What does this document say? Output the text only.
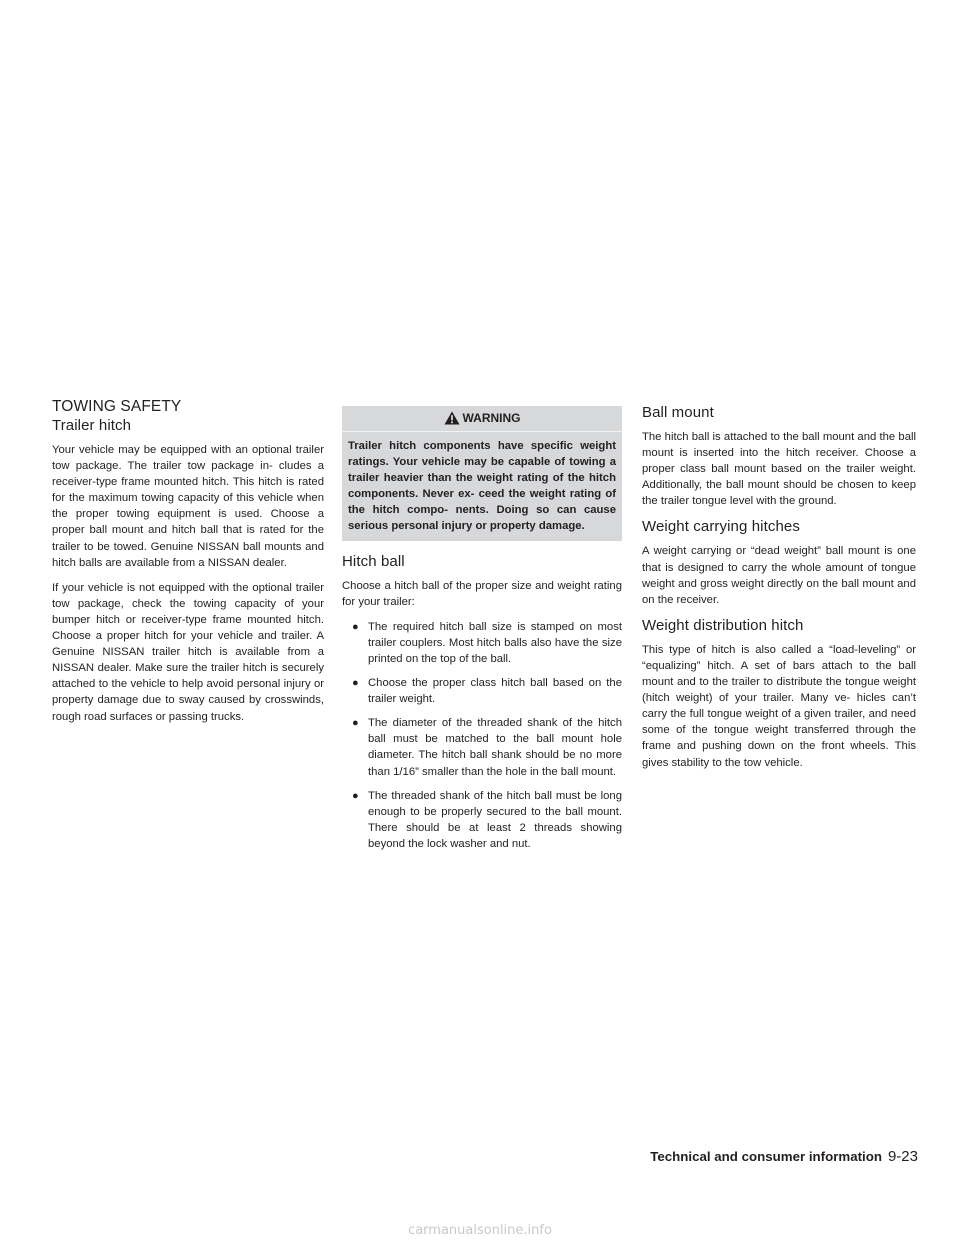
TOWING SAFETY
Trailer hitch

Your vehicle may be equipped with an optional trailer tow package. The trailer tow package in- cludes a receiver-type frame mounted hitch. This hitch is rated for the maximum towing capacity of this vehicle when the proper towing equipment is used. Choose a proper ball mount and hitch ball that is rated for the trailer to be towed. Genuine NISSAN ball mounts and hitch balls are available from a NISSAN dealer.

If your vehicle is not equipped with the optional trailer tow package, check the towing capacity of your bumper hitch or receiver-type frame mounted hitch. Choose a proper hitch for your vehicle and trailer. A Genuine NISSAN trailer hitch is available from a NISSAN dealer. Make sure the trailer hitch is securely attached to the vehicle to help avoid personal injury or property damage due to sway caused by crosswinds, rough road surfaces or passing trucks.

WARNING
Trailer hitch components have specific weight ratings. Your vehicle may be capable of towing a trailer heavier than the weight rating of the hitch components. Never ex- ceed the weight rating of the hitch compo- nents. Doing so can cause serious personal injury or property damage.
Hitch ball

Choose a hitch ball of the proper size and weight rating for your trailer:

● The required hitch ball size is stamped on most trailer couplers. Most hitch balls also have the size printed on the top of the ball.
● Choose the proper class hitch ball based on the trailer weight.
● The diameter of the threaded shank of the hitch ball must be matched to the ball mount hole diameter. The hitch ball shank should be no more than 1/16” smaller than the hole in the ball mount.
● The threaded shank of the hitch ball must be long enough to be properly secured to the ball mount. There should be at least 2 threads showing beyond the lock washer and nut.
Ball mount

The hitch ball is attached to the ball mount and the ball mount is inserted into the hitch receiver. Choose a proper class ball mount based on the trailer weight. Additionally, the ball mount should be chosen to keep the trailer tongue level with the ground.

Weight carrying hitches

A weight carrying or “dead weight” ball mount is one that is designed to carry the whole amount of tongue weight and gross weight directly on the ball mount and on the receiver.

Weight distribution hitch

This type of hitch is also called a “load-leveling” or “equalizing” hitch. A set of bars attach to the ball mount and to the trailer to distribute the tongue weight (hitch weight) of your trailer. Many ve- hicles can’t carry the full tongue weight of a given trailer, and need some of the tongue weight transferred through the frame and pushing down on the front wheels. This gives stability to the tow vehicle.

Technical and consumer information 9-23
carmanualsonline.info
